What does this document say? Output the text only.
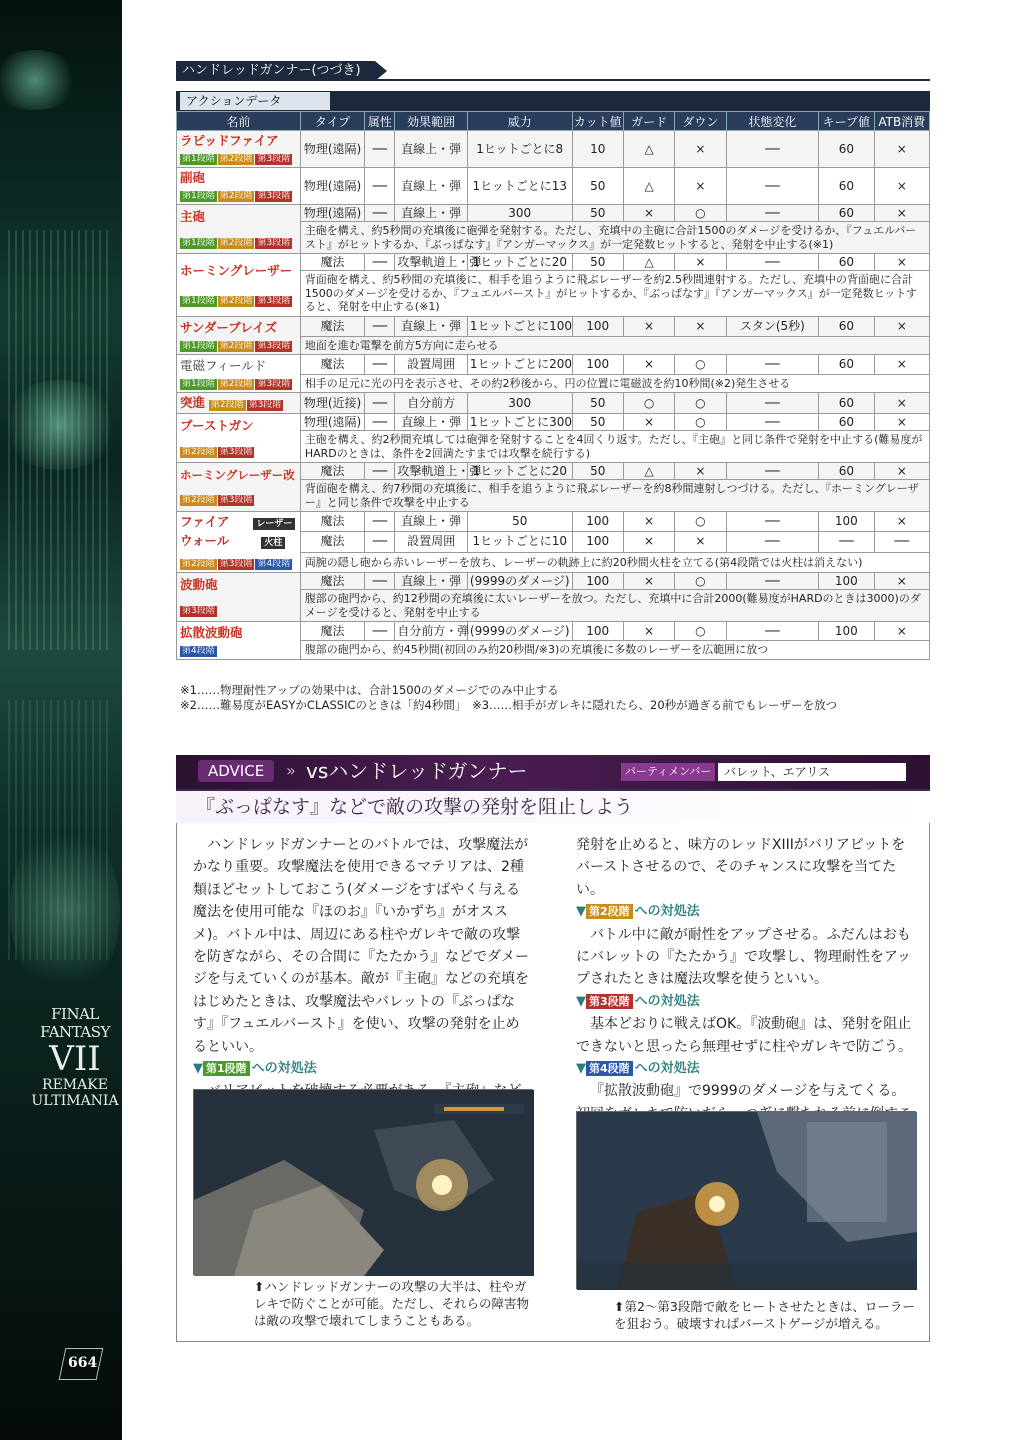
FINAL FANTASY
VII
REMAKE
ULTIMANIA
664
ハンドレッドガンナー(つづき)
アクションデータ
名前	タイプ	属性	効果範囲	威力	カット値	ガード	ダウン	状態変化	キープ値	ATB消費

ラピッドファイア
第1段階 第2段階 第3段階	物理(遠隔)	──	直線上・弾	1ヒットごとに8	10	△	×	──	60	×

副砲
第1段階 第2段階 第3段階	物理(遠隔)	──	直線上・弾	1ヒットごとに13	50	△	×	──	60	×

主砲
第1段階 第2段階 第3段階	物理(遠隔)	──	直線上・弾	300	50	×	○	──	60	×
	主砲を構え、約5秒間の充填後に砲弾を発射する。ただし、充填中の主砲に合計1500のダメージを受けるか、『フュエルバースト』がヒットするか、『ぶっぱなす』『アンガーマックス』が一定発数ヒットすると、発射を中止する(※1)									

ホーミングレーザー
第1段階 第2段階 第3段階	魔法	──	攻撃軌道上・弾	1ヒットごとに20	50	△	×	──	60	×
	背面砲を構え、約5秒間の充填後に、相手を追うように飛ぶレーザーを約2.5秒間連射する。ただし、充填中の背面砲に合計1500のダメージを受けるか、『フュエルバースト』がヒットするか、『ぶっぱなす』『アンガーマックス』が一定発数ヒットすると、発射を中止する(※1)									

サンダーブレイズ
第1段階 第2段階 第3段階	魔法	──	直線上・弾	1ヒットごとに100	100	×	×	スタン(5秒)	60	×
	地面を進む電撃を前方5方向に走らせる									

電磁フィールド
第1段階 第2段階 第3段階	魔法	──	設置周囲	1ヒットごとに200	100	×	○	──	60	×
	相手の足元に光の円を表示させ、その約2秒後から、円の位置に電磁波を約10秒間(※2)発生させる									
突進 第2段階 第3段階	物理(近接)	──	自分前方	300	50	○	○	──	60	×

ブーストガン
第2段階 第3段階	物理(遠隔)	──	直線上・弾	1ヒットごとに300	50	×	○	──	60	×
	主砲を構え、約2秒間充填しては砲弾を発射することを4回くり返す。ただし、『主砲』と同じ条件で発射を中止する(難易度がHARDのときは、条件を2回満たすまでは攻撃を続行する)									

ホーミングレーザー改
第2段階 第3段階	魔法	──	攻撃軌道上・弾	1ヒットごとに20	50	△	×	──	60	×
	背面砲を構え、約7秒間の充填後に、相手を追うように飛ぶレーザーを約8秒間連射しつづける。ただし、『ホーミングレーザー』と同じ条件で攻撃を中止する									

ファイア レーザー
ウォール 火柱
第2段階 第3段階 第4段階	魔法	──	直線上・弾	50	100	×	○	──	100	×
	魔法	──	設置周囲	1ヒットごとに10	100	×	×	──	──	──
	両腕の隠し砲から赤いレーザーを放ち、レーザーの軌跡上に約20秒間火柱を立てる(第4段階では火柱は消えない)									

波動砲
第3段階	魔法	──	直線上・弾	(9999のダメージ)	100	×	○	──	100	×
	腹部の砲門から、約12秒間の充填後に太いレーザーを放つ。ただし、充填中に合計2000(難易度がHARDのときは3000)のダメージを受けると、発射を中止する									

拡散波動砲
第4段階	魔法	──	自分前方・弾	(9999のダメージ)	100	×	○	──	100	×
	腹部の砲門から、約45秒間(初回のみ約20秒間/※3)の充填後に多数のレーザーを広範囲に放つ									
※1……物理耐性アップの効果中は、合計1500のダメージでのみ中止する
※2……難易度がEASYかCLASSICのときは「約4秒間」　※3……相手がガレキに隠れたら、20秒が過ぎる前でもレーザーを放つ
ADVICE	» vsハンドレッドガンナー	パーティメンバー	バレット、エアリス
『ぶっぱなす』などで敵の攻撃の発射を阻止しよう

ハンドレッドガンナーとのバトルでは、攻撃魔法がかなり重要。攻撃魔法を使用できるマテリアは、2種類ほどセットしておこう(ダメージをすばやく与える魔法を使用可能な『ほのお』『いかずち』がオススメ)。バトル中は、周辺にある柱やガレキで敵の攻撃を防ぎながら、その合間に『たたかう』などでダメージを与えていくのが基本。敵が『主砲』などの充填をはじめたときは、攻撃魔法やバレットの『ぶっぱなす』『フュエルバースト』を使い、攻撃の発射を止めるといい。

▼ 第1段階 への対処法

⬆ハンドレッドガンナーの攻撃の大半は、柱やガレキで防ぐことが可能。ただし、それらの障害物は敵の攻撃で壊れてしまうこともある。

発射を止めると、味方のレッドXIIIがバリアビットをバーストさせるので、そのチャンスに攻撃を当てたい。

▼ 第2段階 への対処法

バトル中に敵が耐性をアップさせる。ふだんはおもにバレットの『たたかう』で攻撃し、物理耐性をアップされたときは魔法攻撃を使うといい。

▼ 第3段階 への対処法

基本どおりに戦えばOK。『波動砲』は、発射を阻止できないと思ったら無理せずに柱やガレキで防ごう。

▼ 第4段階 への対処法

『拡散波動砲』で9999のダメージを与えてくる。

⬆第2～第3段階で敵をヒートさせたときは、ローラーを狙おう。破壊すればバーストゲージが増える。
